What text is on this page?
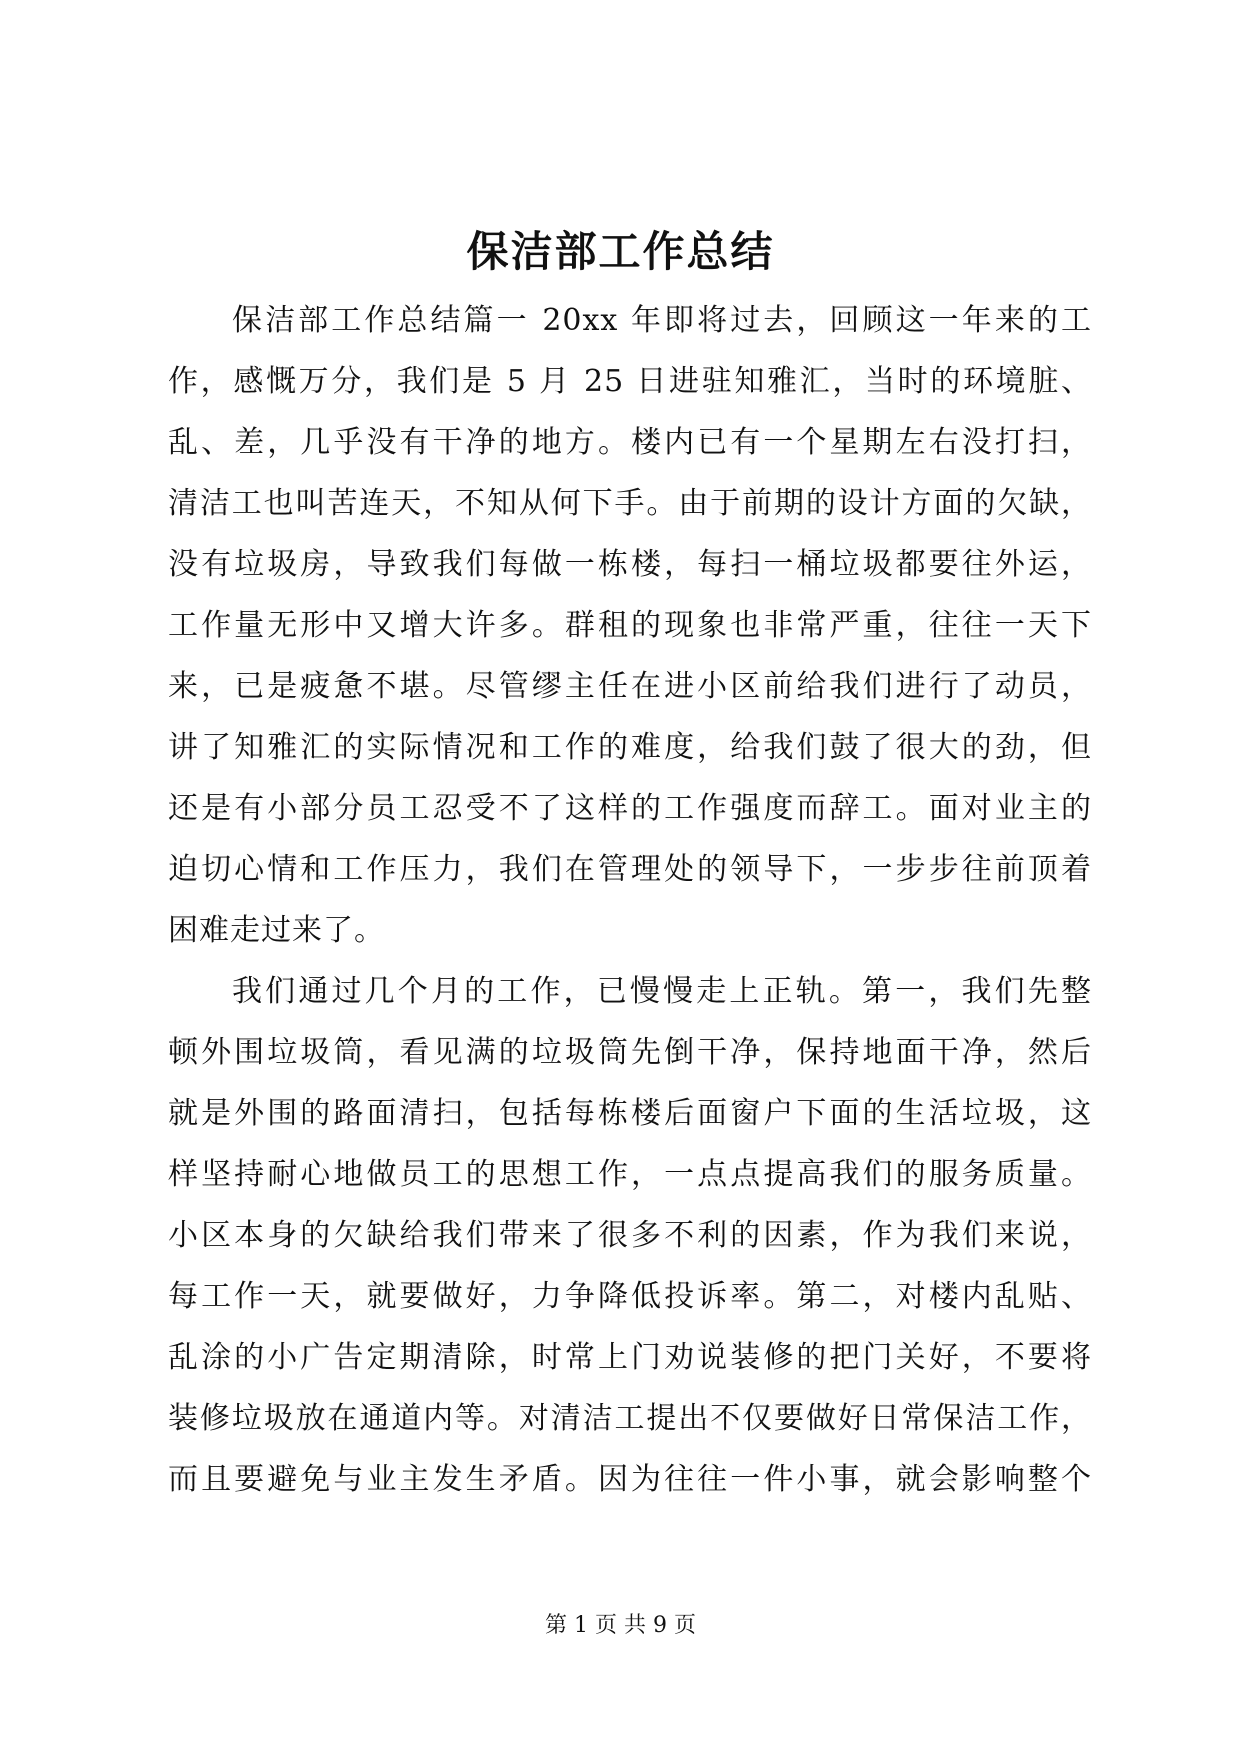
保洁部工作总结
保洁部工作总结篇一 20xx 年即将过去，回顾这一年来的工
作，感慨万分，我们是 5 月 25 日进驻知雅汇，当时的环境脏、
乱、差，几乎没有干净的地方。楼内已有一个星期左右没打扫，
清洁工也叫苦连天，不知从何下手。由于前期的设计方面的欠缺，
没有垃圾房，导致我们每做一栋楼，每扫一桶垃圾都要往外运，
工作量无形中又增大许多。群租的现象也非常严重，往往一天下
来，已是疲惫不堪。尽管缪主任在进小区前给我们进行了动员，
讲了知雅汇的实际情况和工作的难度，给我们鼓了很大的劲，但
还是有小部分员工忍受不了这样的工作强度而辞工。面对业主的
迫切心情和工作压力，我们在管理处的领导下，一步步往前顶着
困难走过来了。
我们通过几个月的工作，已慢慢走上正轨。第一，我们先整
顿外围垃圾筒，看见满的垃圾筒先倒干净，保持地面干净，然后
就是外围的路面清扫，包括每栋楼后面窗户下面的生活垃圾，这
样坚持耐心地做员工的思想工作，一点点提高我们的服务质量。
小区本身的欠缺给我们带来了很多不利的因素，作为我们来说，
每工作一天，就要做好，力争降低投诉率。第二，对楼内乱贴、
乱涂的小广告定期清除，时常上门劝说装修的把门关好，不要将
装修垃圾放在通道内等。对清洁工提出不仅要做好日常保洁工作，
而且要避免与业主发生矛盾。因为往往一件小事，就会影响整个
第 1 页 共 9 页
